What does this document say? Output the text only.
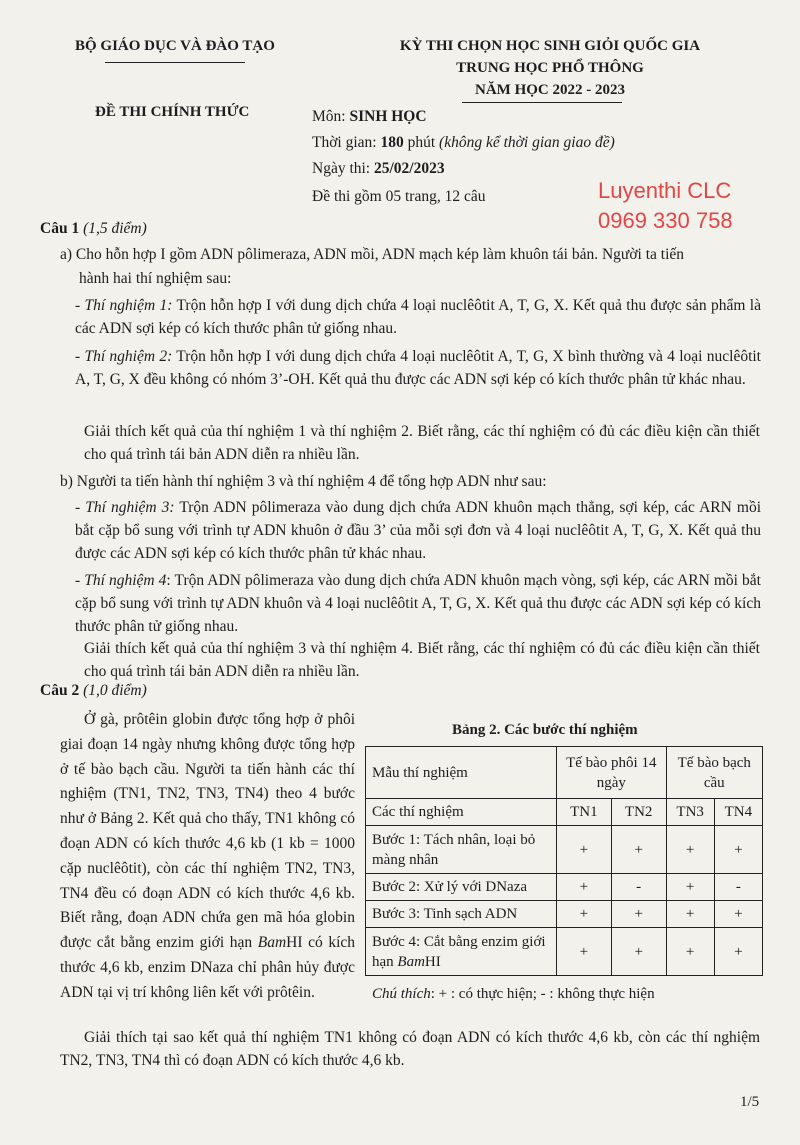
BỘ GIÁO DỤC VÀ ĐÀO TẠO
ĐỀ THI CHÍNH THỨC
KỲ THI CHỌN HỌC SINH GIỎI QUỐC GIA
TRUNG HỌC PHỔ THÔNG
NĂM HỌC 2022 - 2023
Môn: SINH HỌC
Thời gian: 180 phút (không kể thời gian giao đề)
Ngày thi: 25/02/2023
Đề thi gồm 05 trang, 12 câu	Luyenthi CLC
0969 330 758
Câu 1 (1,5 điểm)
a) Cho hỗn hợp I gồm ADN pôlimeraza, ADN mồi, ADN mạch kép làm khuôn tái bản. Người ta tiến
hành hai thí nghiệm sau:
- Thí nghiệm 1: Trộn hỗn hợp I với dung dịch chứa 4 loại nuclêôtit A, T, G, X. Kết quả thu được sản phẩm là các ADN sợi kép có kích thước phân tử giống nhau.
- Thí nghiệm 2: Trộn hỗn hợp I với dung dịch chứa 4 loại nuclêôtit A, T, G, X bình thường và 4 loại nuclêôtit A, T, G, X đều không có nhóm 3’-OH. Kết quả thu được các ADN sợi kép có kích thước phân tử khác nhau.
Giải thích kết quả của thí nghiệm 1 và thí nghiệm 2. Biết rằng, các thí nghiệm có đủ các điều kiện cần thiết cho quá trình tái bản ADN diễn ra nhiều lần.
b) Người ta tiến hành thí nghiệm 3 và thí nghiệm 4 để tổng hợp ADN như sau:
- Thí nghiệm 3: Trộn ADN pôlimeraza vào dung dịch chứa ADN khuôn mạch thẳng, sợi kép, các ARN mồi bắt cặp bổ sung với trình tự ADN khuôn ở đầu 3’ của mỗi sợi đơn và 4 loại nuclêôtit A, T, G, X. Kết quả thu được các ADN sợi kép có kích thước phân tử khác nhau.
- Thí nghiệm 4: Trộn ADN pôlimeraza vào dung dịch chứa ADN khuôn mạch vòng, sợi kép, các ARN mồi bắt cặp bổ sung với trình tự ADN khuôn và 4 loại nuclêôtit A, T, G, X. Kết quả thu được các ADN sợi kép có kích thước phân tử giống nhau.
Giải thích kết quả của thí nghiệm 3 và thí nghiệm 4. Biết rằng, các thí nghiệm có đủ các điều kiện cần thiết cho quá trình tái bản ADN diễn ra nhiều lần.
Câu 2 (1,0 điểm)
Ở gà, prôtêin globin được tổng hợp ở phôi giai đoạn 14 ngày nhưng không được tổng hợp ở tế bào bạch cầu. Người ta tiến hành các thí nghiệm (TN1, TN2, TN3, TN4) theo 4 bước như ở Bảng 2. Kết quả cho thấy, TN1 không có đoạn ADN có kích thước 4,6 kb (1 kb = 1000 cặp nuclêôtit), còn các thí nghiệm TN2, TN3, TN4 đều có đoạn ADN có kích thước 4,6 kb. Biết rằng, đoạn ADN chứa gen mã hóa globin được cắt bằng enzim giới hạn BamHI có kích thước 4,6 kb, enzim DNaza chỉ phân hủy được ADN tại vị trí không liên kết với prôtêin.
Bảng 2. Các bước thí nghiệm
Mẫu thí nghiệm	Tế bào phôi 14 ngày		Tế bào bạch cầu	
Các thí nghiệm	TN1	TN2	TN3	TN4
Bước 1: Tách nhân, loại bỏ màng nhân	+	+	+	+
Bước 2: Xử lý với DNaza	+	-	+	-
Bước 3: Tinh sạch ADN	+	+	+	+
Bước 4: Cắt bằng enzim giới hạn BamHI	+	+	+	+
Chú thích: + : có thực hiện; - : không thực hiện
Giải thích tại sao kết quả thí nghiệm TN1 không có đoạn ADN có kích thước 4,6 kb, còn các thí nghiệm TN2, TN3, TN4 thì có đoạn ADN có kích thước 4,6 kb.
1/5
